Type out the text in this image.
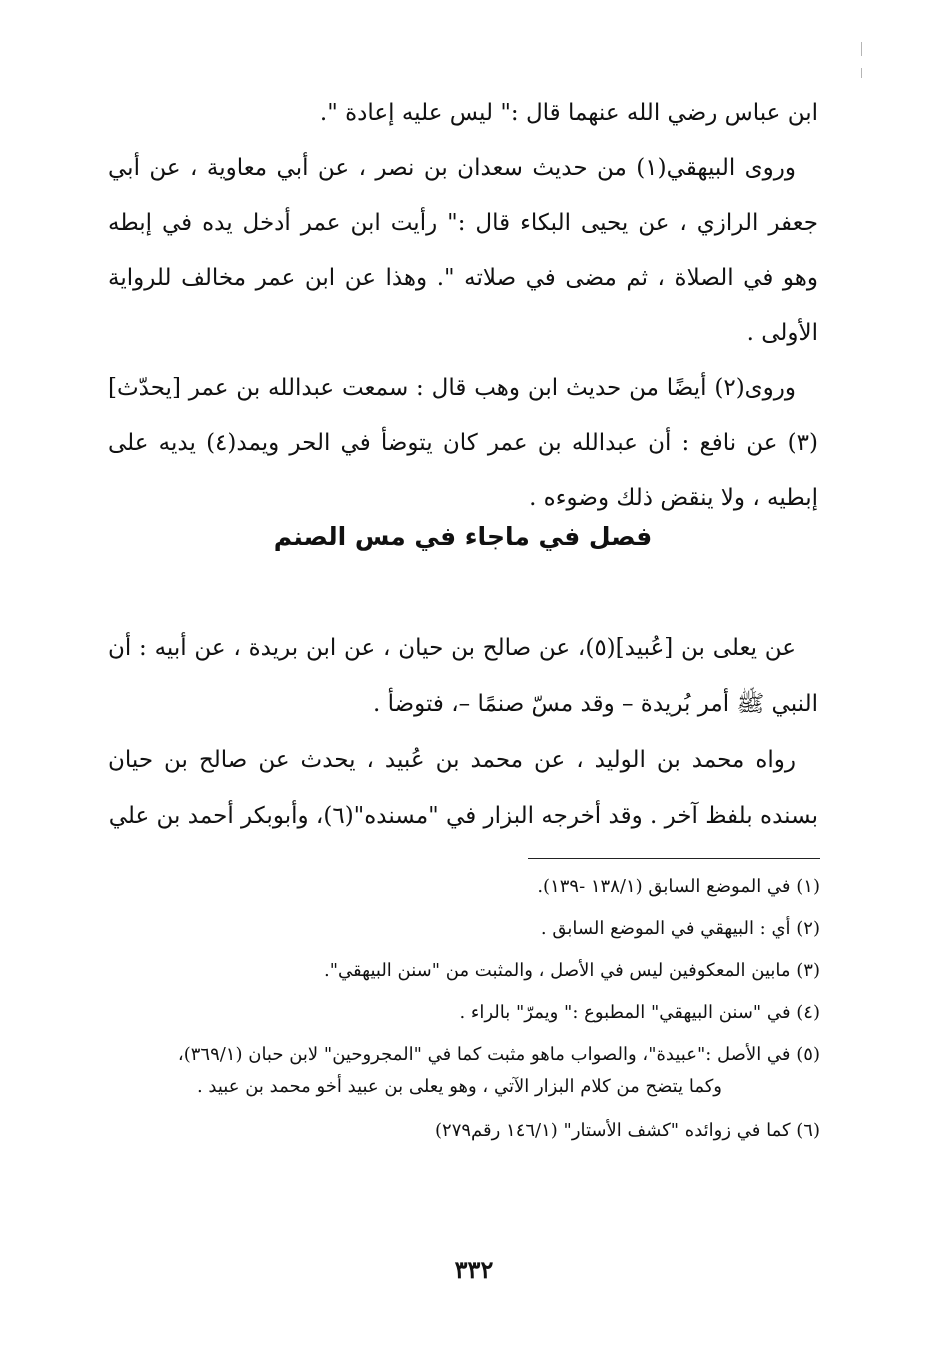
ابن عباس رضي الله عنهما قال :" ليس عليه إعادة ".

وروى البيهقي(١) من حديث سعدان بن نصر ، عن أبي معاوية ، عن أبي جعفر الرازي ، عن يحيى البكاء قال :" رأيت ابن عمر أدخل يده في إبطه وهو في الصلاة ، ثم مضى في صلاته ". وهذا عن ابن عمر مخالف للرواية الأولى .

وروى(٢) أيضًا من حديث ابن وهب قال : سمعت عبدالله بن عمر [يحدّث](٣) عن نافع : أن عبدالله بن عمر كان يتوضأ في الحر ويمد(٤) يديه على إبطيه ، ولا ينقض ذلك وضوءه .

فصل في ماجاء في مس الصنم

عن يعلى بن [عُبيد](٥)، عن صالح بن حيان ، عن ابن بريدة ، عن أبيه : أن النبي ﷺ أمر بُريدة – وقد مسّ صنمًا –، فتوضأ .

رواه محمد بن الوليد ، عن محمد بن عُبيد ، يحدث عن صالح بن حيان بسنده بلفظ آخر . وقد أخرجه البزار في "مسنده"(٦)، وأبوبكر أحمد بن علي

(١) في الموضع السابق (١٣٨/١ -١٣٩).

(٢) أي : البيهقي في الموضع السابق .

(٣) مابين المعكوفين ليس في الأصل ، والمثبت من "سنن البيهقي".

(٤) في "سنن البيهقي" المطبوع :" ويمرّ" بالراء .

(٥) في الأصل :"عبيدة"، والصواب ماهو مثبت كما في "المجروحين" لابن حبان (٣٦٩/١)،

وكما يتضح من كلام البزار الآتي ، وهو يعلى بن عبيد أخو محمد بن عبيد .

(٦) كما في زوائده "كشف الأستار" (١٤٦/١ رقم٢٧٩)

٣٣٢
